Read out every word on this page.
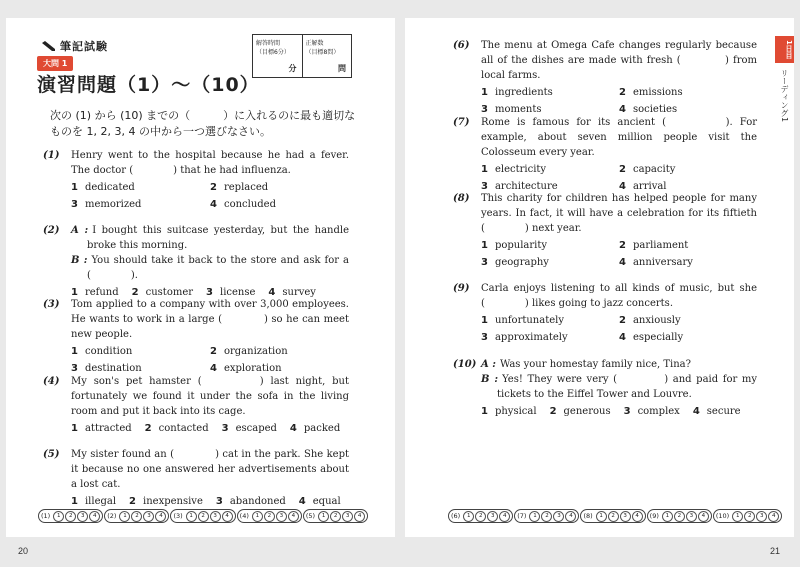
筆記試験
大問 1
演習問題（1）～（10）
解答時間
（目標6分）
分
正解数
（目標8問）
問
次の (1) から (10) までの（　　　）に入れるのに最も適切なものを 1, 2, 3, 4 の中から一つ選びなさい。
(1) Henry went to the hospital because he had a fever. The doctor (　　　　) that he had influenza.
1 dedicated	2 replaced
3 memorized	4 concluded
(2) A : I bought this suitcase yesterday, but the handle broke this morning.
B : You should take it back to the store and ask for a (　　　　).
1 refund 2 customer 3 license 4 survey
(3) Tom applied to a company with over 3,000 employees. He wants to work in a large (　　　　) so he can meet new people.
1 condition	2 organization
3 destination	4 exploration
(4) My son's pet hamster (　　　　) last night, but fortunately we found it under the sofa in the living room and put it back into its cage.
1 attracted 2 contacted 3 escaped 4 packed
(5) My sister found an (　　　　) cat in the park. She kept it because no one answered her advertisements about a lost cat.
1 illegal 2 inexpensive 3 abandoned 4 equal
(6) The menu at Omega Cafe changes regularly because all of the dishes are made with fresh (　　　　) from local farms.
1 ingredients	2 emissions
3 moments	4 societies
(7) Rome is famous for its ancient (　　　　). For example, about seven million people visit the Colosseum every year.
1 electricity	2 capacity
3 architecture	4 arrival
(8) This charity for children has helped people for many years. In fact, it will have a celebration for its fiftieth (　　　　) next year.
1 popularity	2 parliament
3 geography	4 anniversary
(9) Carla enjoys listening to all kinds of music, but she (　　　　) likes going to jazz concerts.
1 unfortunately	2 anxiously
3 approximately	4 especially
(10) A : Was your homestay family nice, Tina?
B : Yes! They were very (　　　　) and paid for my tickets to the Eiffel Tower and Louvre.
1 physical 2 generous 3 complex 4 secure
(1)	1	2	3	4	(2)	1	2	3	4	(3)	1	2	3	4	(4)	1	2	3	4	(5)	1	2	3	4	(6)	1	2	3	4	(7)	1	2	3	4	(8)	1	2	3	4	(9)	1	2	3	4	(10)	1	2	3	4
1日目
リーディング1
20	21
